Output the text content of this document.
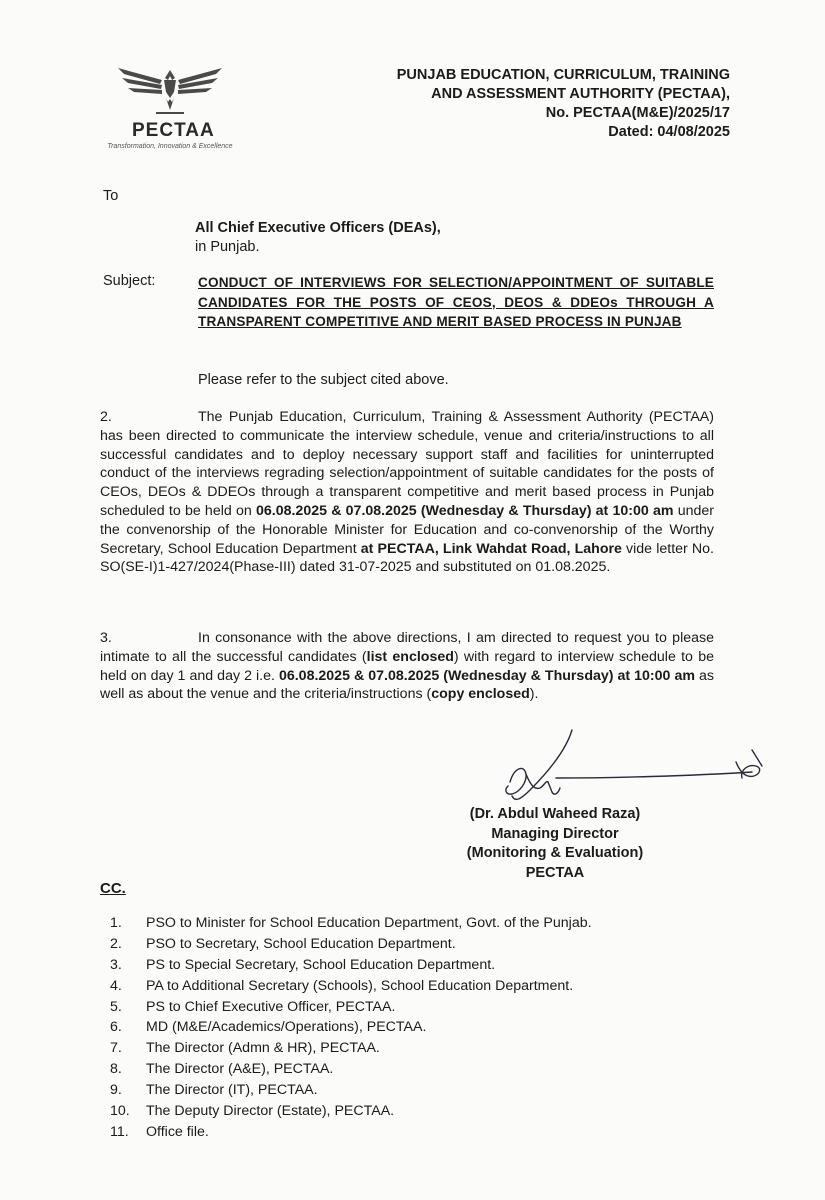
PECTAA
Transformation, Innovation & Excellence
PUNJAB EDUCATION, CURRICULUM, TRAINING
AND ASSESSMENT AUTHORITY (PECTAA),
No. PECTAA(M&E)/2025/17
Dated: 04/08/2025
To
All Chief Executive Officers (DEAs),
in Punjab.
Subject:	CONDUCT OF INTERVIEWS FOR SELECTION/APPOINTMENT OF SUITABLE CANDIDATES FOR THE POSTS OF CEOS, DEOS & DDEOs THROUGH A TRANSPARENT COMPETITIVE AND MERIT BASED PROCESS IN PUNJAB
Please refer to the subject cited above.
2.	The Punjab Education, Curriculum, Training & Assessment Authority (PECTAA) has been directed to communicate the interview schedule, venue and criteria/instructions to all successful candidates and to deploy necessary support staff and facilities for uninterrupted conduct of the interviews regrading selection/appointment of suitable candidates for the posts of CEOs, DEOs & DDEOs through a transparent competitive and merit based process in Punjab scheduled to be held on 06.08.2025 & 07.08.2025 (Wednesday & Thursday) at 10:00 am under the convenorship of the Honorable Minister for Education and co-convenorship of the Worthy Secretary, School Education Department at PECTAA, Link Wahdat Road, Lahore vide letter No. SO(SE-I)1-427/2024(Phase-III) dated 31-07-2025 and substituted on 01.08.2025.
3.	In consonance with the above directions, I am directed to request you to please intimate to all the successful candidates (list enclosed) with regard to interview schedule to be held on day 1 and day 2 i.e. 06.08.2025 & 07.08.2025 (Wednesday & Thursday) at 10:00 am as well as about the venue and the criteria/instructions (copy enclosed).
(Dr. Abdul Waheed Raza)
Managing Director
(Monitoring & Evaluation)
PECTAA
CC.
1. PSO to Minister for School Education Department, Govt. of the Punjab.
2. PSO to Secretary, School Education Department.
3. PS to Special Secretary, School Education Department.
4. PA to Additional Secretary (Schools), School Education Department.
5. PS to Chief Executive Officer, PECTAA.
6. MD (M&E/Academics/Operations), PECTAA.
7. The Director (Admn & HR), PECTAA.
8. The Director (A&E), PECTAA.
9. The Director (IT), PECTAA.
10. The Deputy Director (Estate), PECTAA.
11. Office file.
